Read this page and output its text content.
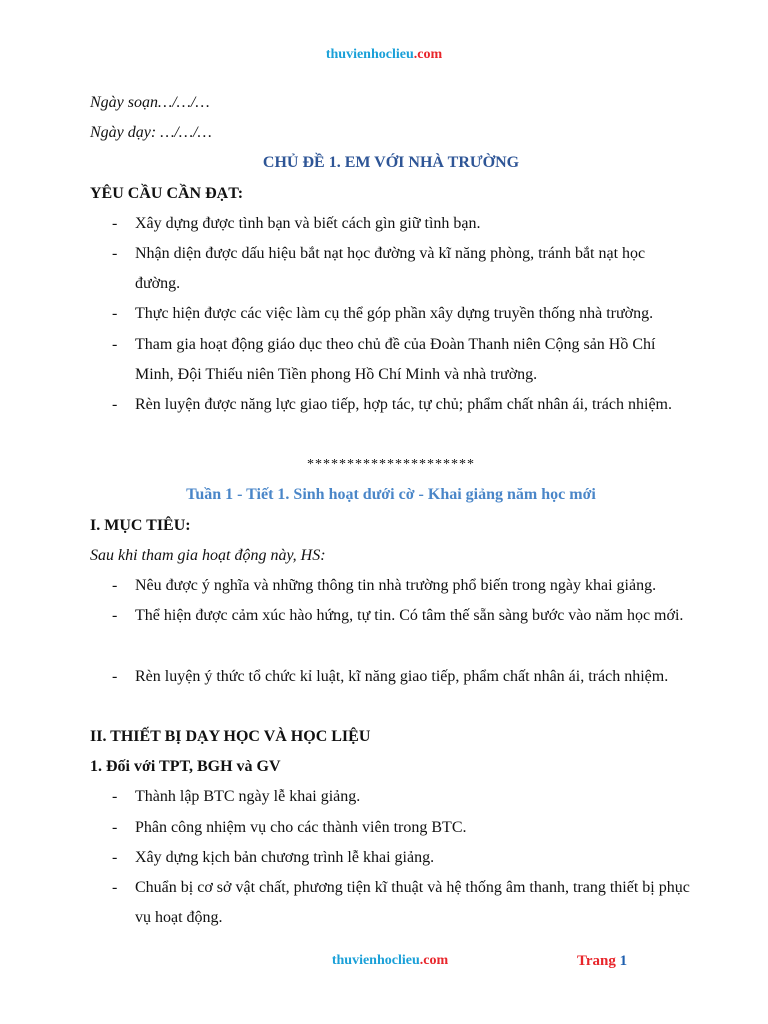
thuvienhoclieu.com
Ngày soạn…/…/…
Ngày dạy: …/…/…
CHỦ ĐỀ 1. EM VỚI NHÀ TRƯỜNG
YÊU CẦU CẦN ĐẠT:
- Xây dựng được tình bạn và biết cách gìn giữ tình bạn.
- Nhận diện được dấu hiệu bắt nạt học đường và kĩ năng phòng, tránh bắt nạt học đường.
- Thực hiện được các việc làm cụ thể góp phần xây dựng truyền thống nhà trường.
- Tham gia hoạt động giáo dục theo chủ đề của Đoàn Thanh niên Cộng sản Hồ Chí Minh, Đội Thiếu niên Tiền phong Hồ Chí Minh và nhà trường.
- Rèn luyện được năng lực giao tiếp, hợp tác, tự chủ; phẩm chất nhân ái, trách nhiệm.
*********************
Tuần 1 - Tiết 1. Sinh hoạt dưới cờ - Khai giảng năm học mới
I. MỤC TIÊU:
Sau khi tham gia hoạt động này, HS:
- Nêu được ý nghĩa và những thông tin nhà trường phổ biến trong ngày khai giảng.
- Thể hiện được cảm xúc hào hứng, tự tin. Có tâm thế sẵn sàng bước vào năm học mới.
- Rèn luyện ý thức tổ chức kỉ luật, kĩ năng giao tiếp, phẩm chất nhân ái, trách nhiệm.
II. THIẾT BỊ DẠY HỌC VÀ HỌC LIỆU
1. Đối với TPT, BGH và GV
- Thành lập BTC ngày lễ khai giảng.
- Phân công nhiệm vụ cho các thành viên trong BTC.
- Xây dựng kịch bản chương trình lễ khai giảng.
- Chuẩn bị cơ sở vật chất, phương tiện kĩ thuật và hệ thống âm thanh, trang thiết bị phục vụ hoạt động.
thuvienhoclieu.com	Trang 1
